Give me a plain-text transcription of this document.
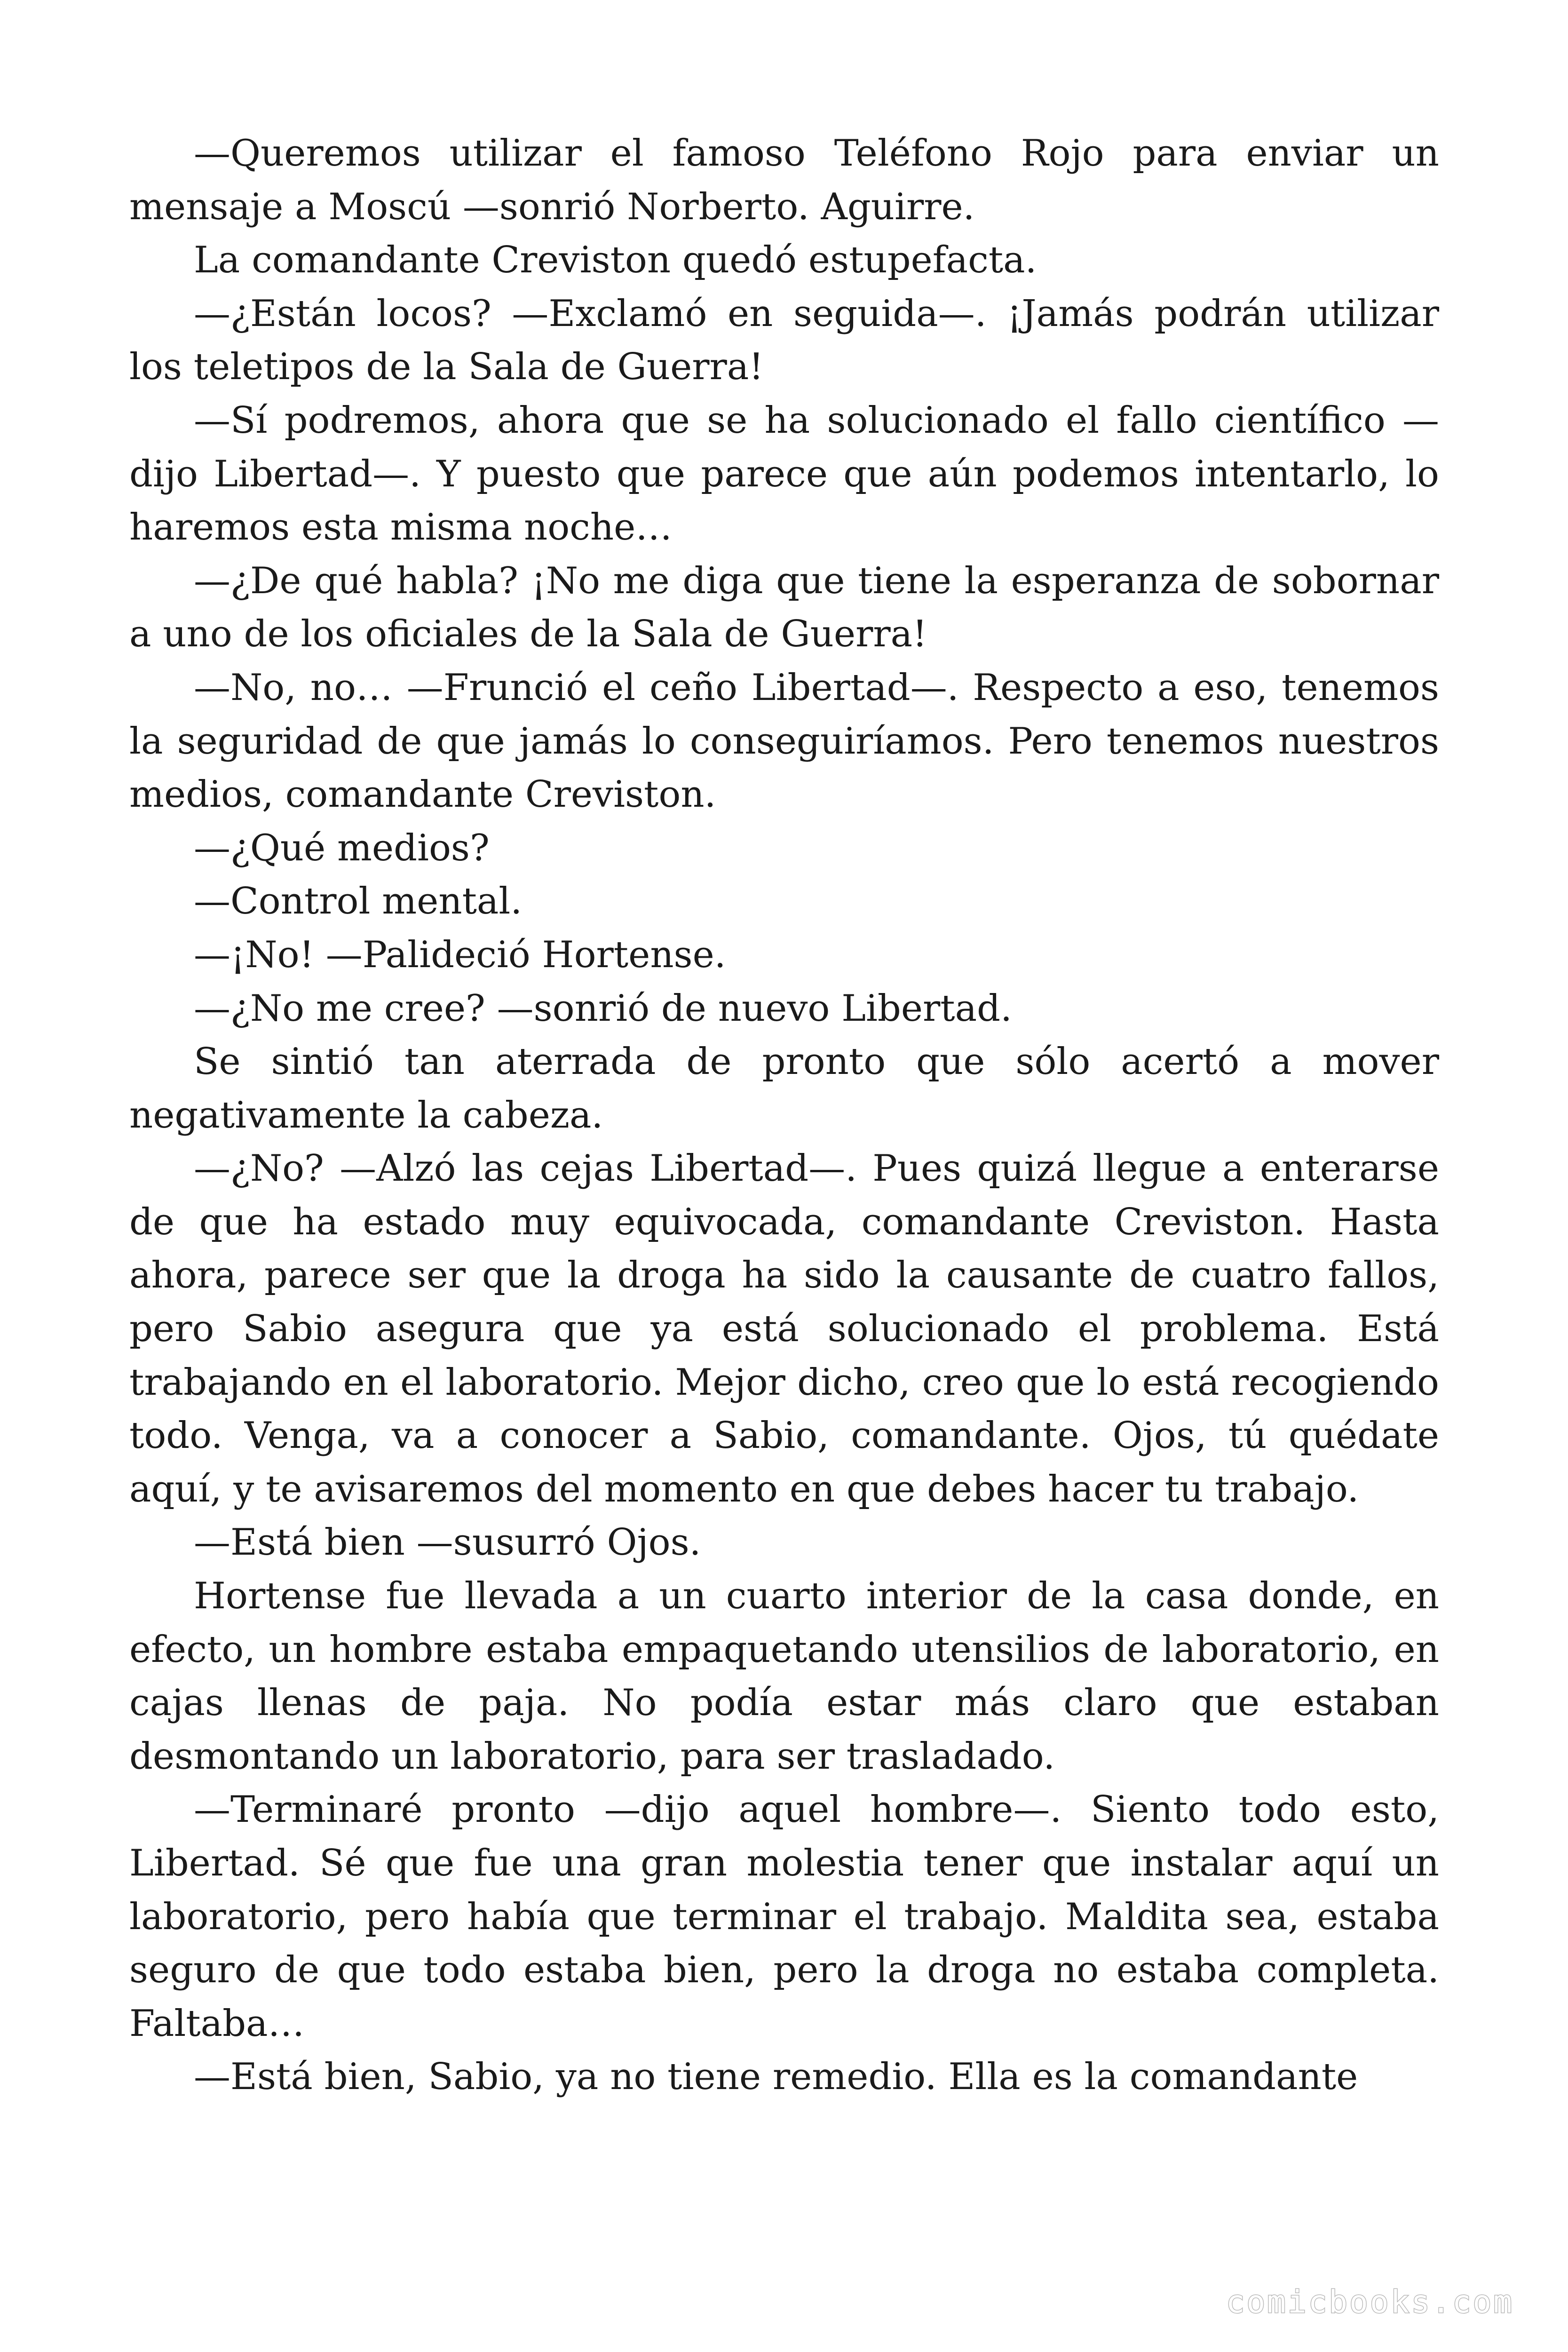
—Queremos utilizar el famoso Teléfono Rojo para enviar un mensaje a Moscú —sonrió Norberto. Aguirre.

La comandante Creviston quedó estupefacta.

—¿Están locos? —Exclamó en seguida—. ¡Jamás podrán utilizar los teletipos de la Sala de Guerra!

—Sí podremos, ahora que se ha solucionado el fallo científico —dijo Libertad—. Y puesto que parece que aún podemos intentarlo, lo haremos esta misma noche…

—¿De qué habla? ¡No me diga que tiene la esperanza de sobornar a uno de los oficiales de la Sala de Guerra!

—No, no… —Frunció el ceño Libertad—. Respecto a eso, tenemos la seguridad de que jamás lo conseguiríamos. Pero tenemos nuestros medios, comandante Creviston.

—¿Qué medios?

—Control mental.

—¡No! —Palideció Hortense.

—¿No me cree? —sonrió de nuevo Libertad.

Se sintió tan aterrada de pronto que sólo acertó a mover negativamente la cabeza.

—¿No? —Alzó las cejas Libertad—. Pues quizá llegue a enterarse de que ha estado muy equivocada, comandante Creviston. Hasta ahora, parece ser que la droga ha sido la causante de cuatro fallos, pero Sabio asegura que ya está solucionado el problema. Está trabajando en el laboratorio. Mejor dicho, creo que lo está recogiendo todo. Venga, va a conocer a Sabio, comandante. Ojos, tú quédate aquí, y te avisaremos del momento en que debes hacer tu trabajo.

—Está bien —susurró Ojos.

Hortense fue llevada a un cuarto interior de la casa donde, en efecto, un hombre estaba empaquetando utensilios de laboratorio, en cajas llenas de paja. No podía estar más claro que estaban desmontando un laboratorio, para ser trasladado.

—Terminaré pronto —dijo aquel hombre—. Siento todo esto, Libertad. Sé que fue una gran molestia tener que instalar aquí un laboratorio, pero había que terminar el trabajo. Maldita sea, estaba seguro de que todo estaba bien, pero la droga no estaba completa. Faltaba…

—Está bien, Sabio, ya no tiene remedio. Ella es la comandante

comicbooks.com
